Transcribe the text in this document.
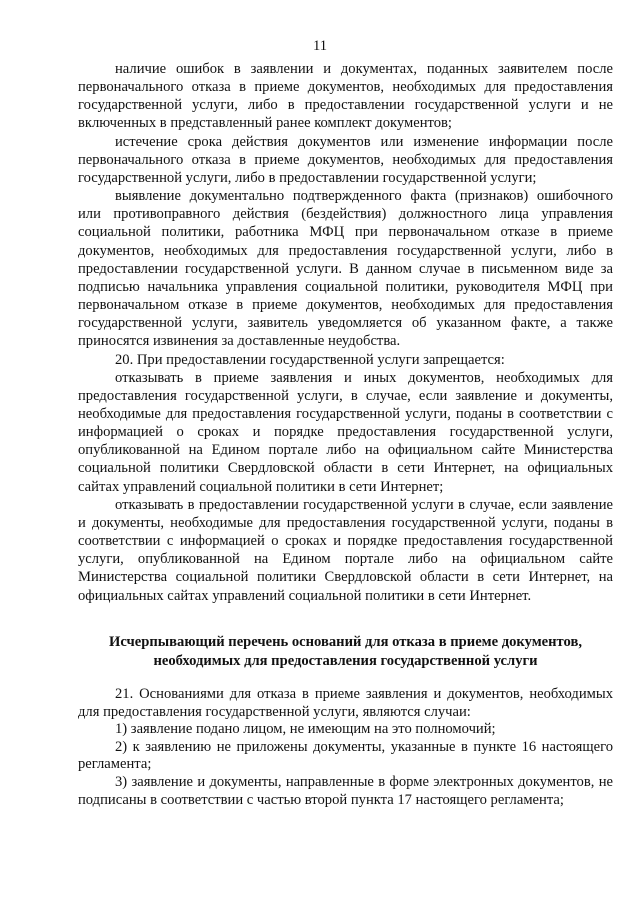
11

наличие ошибок в заявлении и документах, поданных заявителем после первоначального отказа в приеме документов, необходимых для предоставления государственной услуги, либо в предоставлении государственной услуги и не включенных в представленный ранее комплект документов;

истечение срока действия документов или изменение информации после первоначального отказа в приеме документов, необходимых для предоставления государственной услуги, либо в предоставлении государственной услуги;

выявление документально подтвержденного факта (признаков) ошибочного или противоправного действия (бездействия) должностного лица управления социальной политики, работника МФЦ при первоначальном отказе в приеме документов, необходимых для предоставления государственной услуги, либо в предоставлении государственной услуги. В данном случае в письменном виде за подписью начальника управления социальной политики, руководителя МФЦ при первоначальном отказе в приеме документов, необходимых для предоставления государственной услуги, заявитель уведомляется об указанном факте, а также приносятся извинения за доставленные неудобства.

20. При предоставлении государственной услуги запрещается:

отказывать в приеме заявления и иных документов, необходимых для предоставления государственной услуги, в случае, если заявление и документы, необходимые для предоставления государственной услуги, поданы в соответствии с информацией о сроках и порядке предоставления государственной услуги, опубликованной на Едином портале либо на официальном сайте Министерства социальной политики Свердловской области в сети Интернет, на официальных сайтах управлений социальной политики в сети Интернет;

отказывать в предоставлении государственной услуги в случае, если заявление и документы, необходимые для предоставления государственной услуги, поданы в соответствии с информацией о сроках и порядке предоставления государственной услуги, опубликованной на Едином портале либо на официальном сайте Министерства социальной политики Свердловской области в сети Интернет, на официальных сайтах управлений социальной политики в сети Интернет.

Исчерпывающий перечень оснований для отказа в приеме документов,
необходимых для предоставления государственной услуги

21. Основаниями для отказа в приеме заявления и документов, необходимых для предоставления государственной услуги, являются случаи:

1) заявление подано лицом, не имеющим на это полномочий;

2) к заявлению не приложены документы, указанные в пункте 16 настоящего регламента;

3) заявление и документы, направленные в форме электронных документов, не подписаны в соответствии с частью второй пункта 17 настоящего регламента;
